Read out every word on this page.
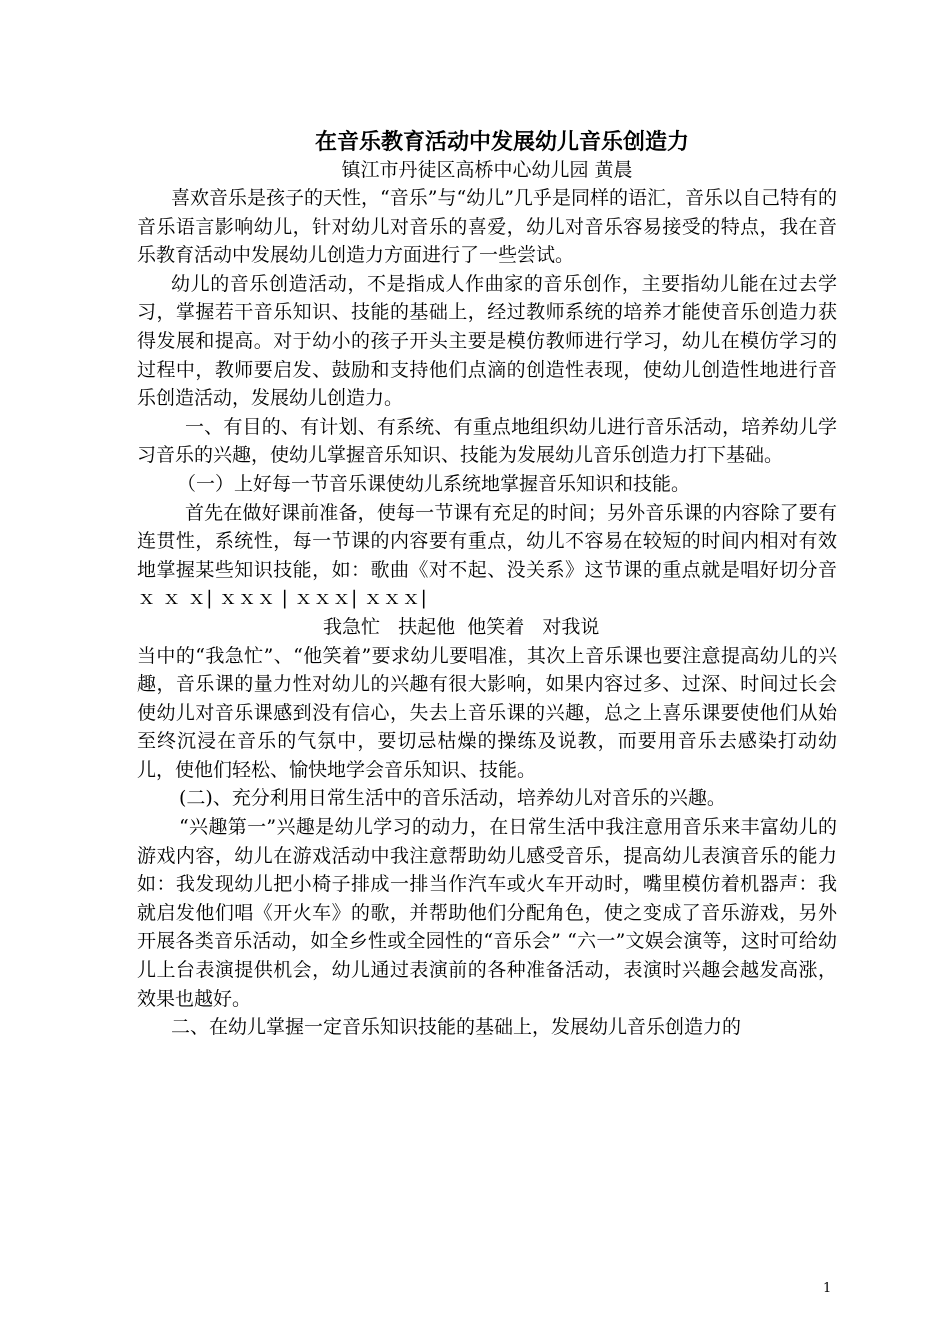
在音乐教育活动中发展幼儿音乐创造力

镇江市丹徒区高桥中心幼儿园 黄晨

喜欢音乐是孩子的天性，“音乐”与“幼儿”几乎是同样的语汇，音乐以自己特有的音乐语言影响幼儿，针对幼儿对音乐的喜爱，幼儿对音乐容易接受的特点，我在音乐教育活动中发展幼儿创造力方面进行了一些尝试。

幼儿的音乐创造活动，不是指成人作曲家的音乐创作，主要指幼儿能在过去学习，掌握若干音乐知识、技能的基础上，经过教师系统的培养才能使音乐创造力获得发展和提高。对于幼小的孩子开头主要是模仿教师进行学习，幼儿在模仿学习的过程中，教师要启发、鼓励和支持他们点滴的创造性表现，使幼儿创造性地进行音乐创造活动，发展幼儿创造力。

一、有目的、有计划、有系统、有重点地组织幼儿进行音乐活动，培养幼儿学习音乐的兴趣，使幼儿掌握音乐知识、技能为发展幼儿音乐创造力打下基础。

（一）上好每一节音乐课使幼儿系统地掌握音乐知识和技能。

首先在做好课前准备，使每一节课有充足的时间；另外音乐课的内容除了要有连贯性，系统性，每一节课的内容要有重点，幼儿不容易在较短的时间内相对有效地掌握某些知识技能，如：歌曲《对不起、没关系》这节课的重点就是唱好切分音ｘ ｘ ｘ| ｘｘｘ | ｘｘｘ| ｘｘｘ|

我急忙   扶起他  他笑着   对我说

当中的“我急忙”、“他笑着”要求幼儿要唱准，其次上音乐课也要注意提高幼儿的兴趣，音乐课的量力性对幼儿的兴趣有很大影响，如果内容过多、过深、时间过长会使幼儿对音乐课感到没有信心，失去上音乐课的兴趣，总之上喜乐课要使他们从始至终沉浸在音乐的气氛中，要切忌枯燥的操练及说教，而要用音乐去感染打动幼儿，使他们轻松、愉快地学会音乐知识、技能。

(二)、充分利用日常生活中的音乐活动，培养幼儿对音乐的兴趣。

“兴趣第一”兴趣是幼儿学习的动力，在日常生活中我注意用音乐来丰富幼儿的游戏内容，幼儿在游戏活动中我注意帮助幼儿感受音乐，提高幼儿表演音乐的能力如：我发现幼儿把小椅子排成一排当作汽车或火车开动时，嘴里模仿着机器声：我就启发他们唱《开火车》的歌，并帮助他们分配角色，使之变成了音乐游戏，另外开展各类音乐活动，如全乡性或全园性的“音乐会” “六一”文娱会演等，这时可给幼儿上台表演提供机会，幼儿通过表演前的各种准备活动，表演时兴趣会越发高涨，效果也越好。

二、在幼儿掌握一定音乐知识技能的基础上，发展幼儿音乐创造力的

1
